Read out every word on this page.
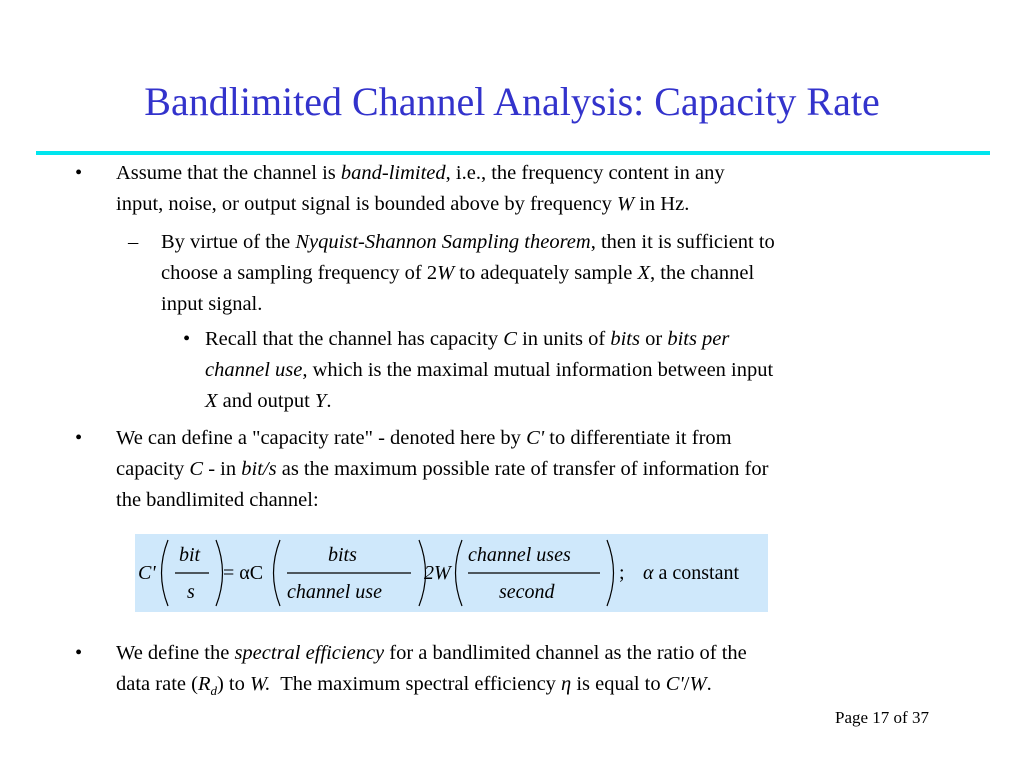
Bandlimited Channel Analysis: Capacity Rate
• Assume that the channel is band-limited, i.e., the frequency content in any

input, noise, or output signal is bounded above by frequency W in Hz.

– By virtue of the Nyquist-Shannon Sampling theorem, then it is sufficient to

choose a sampling frequency of 2W to adequately sample X, the channel

input signal.

• Recall that the channel has capacity C in units of bits or bits per

channel use, which is the maximal mutual information between input

X and output Y.

• We can define a "capacity rate" - denoted here by C' to differentiate it from

capacity C - in bit/s as the maximum possible rate of transfer of information for

the bandlimited channel:

C'
bit
s
= αC
bits
channel use
2W
channel uses
second
; α a constant
• We define the spectral efficiency for a bandlimited channel as the ratio of the

data rate $(R_d)$ to W.  The maximum spectral efficiency η is equal to C'/W.

Page 17 of 37
